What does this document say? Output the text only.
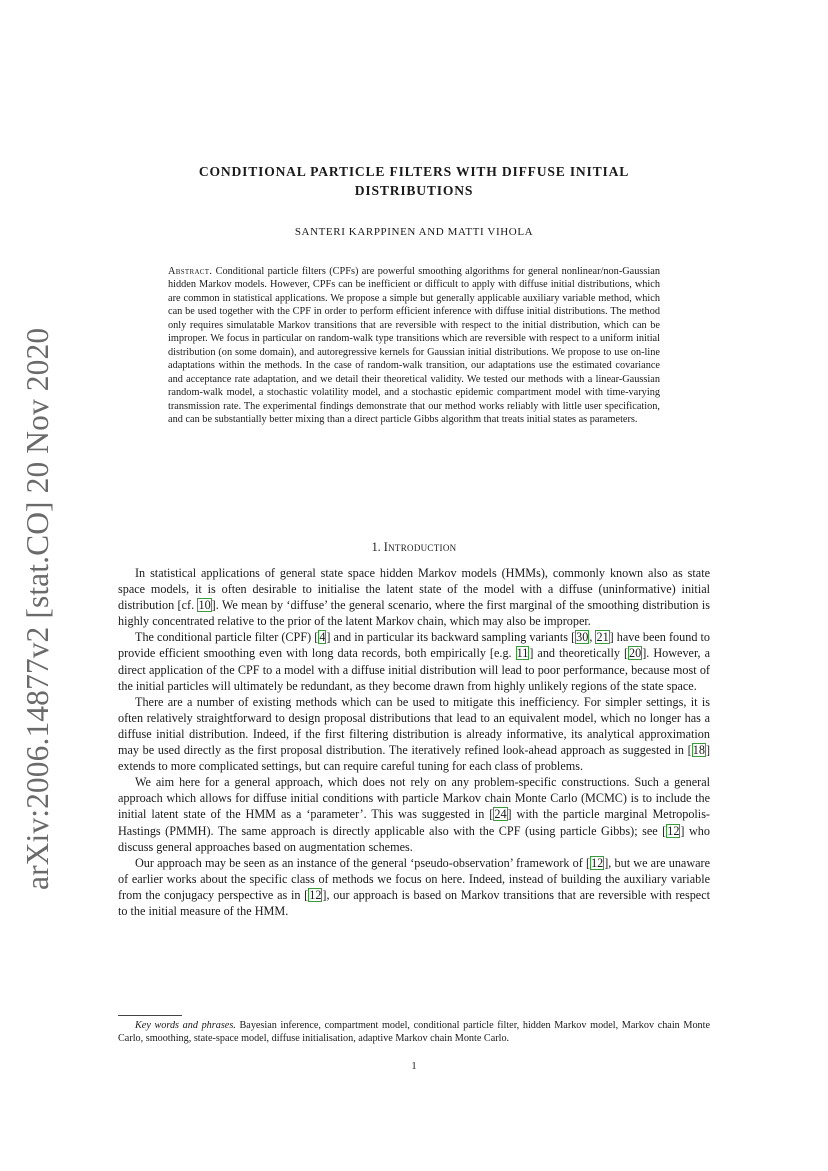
arXiv:2006.14877v2 [stat.CO] 20 Nov 2020
CONDITIONAL PARTICLE FILTERS WITH DIFFUSE INITIAL DISTRIBUTIONS
SANTERI KARPPINEN AND MATTI VIHOLA
Abstract. Conditional particle filters (CPFs) are powerful smoothing algorithms for general nonlinear/non-Gaussian hidden Markov models. However, CPFs can be inefficient or difficult to apply with diffuse initial distributions, which are common in statistical applications. We propose a simple but generally applicable auxiliary variable method, which can be used together with the CPF in order to perform efficient inference with diffuse initial distributions. The method only requires simulatable Markov transitions that are reversible with respect to the initial distribution, which can be improper. We focus in particular on random-walk type transitions which are reversible with respect to a uniform initial distribution (on some domain), and autoregressive kernels for Gaussian initial distributions. We propose to use on-line adaptations within the methods. In the case of random-walk transition, our adaptations use the estimated covariance and acceptance rate adaptation, and we detail their theoretical validity. We tested our methods with a linear-Gaussian random-walk model, a stochastic volatility model, and a stochastic epidemic compartment model with time-varying transmission rate. The experimental findings demonstrate that our method works reliably with little user specification, and can be substantially better mixing than a direct particle Gibbs algorithm that treats initial states as parameters.
1. Introduction

In statistical applications of general state space hidden Markov models (HMMs), commonly known also as state space models, it is often desirable to initialise the latent state of the model with a diffuse (uninformative) initial distribution [cf. 10]. We mean by ‘diffuse’ the general scenario, where the first marginal of the smoothing distribution is highly concentrated relative to the prior of the latent Markov chain, which may also be improper.

The conditional particle filter (CPF) [4] and in particular its backward sampling variants [30, 21] have been found to provide efficient smoothing even with long data records, both empirically [e.g. 11] and theoretically [20]. However, a direct application of the CPF to a model with a diffuse initial distribution will lead to poor performance, because most of the initial particles will ultimately be redundant, as they become drawn from highly unlikely regions of the state space.

There are a number of existing methods which can be used to mitigate this inefficiency. For simpler settings, it is often relatively straightforward to design proposal distributions that lead to an equivalent model, which no longer has a diffuse initial distribution. Indeed, if the first filtering distribution is already informative, its analytical approximation may be used directly as the first proposal distribution. The iteratively refined look-ahead approach as suggested in [18] extends to more complicated settings, but can require careful tuning for each class of problems.

We aim here for a general approach, which does not rely on any problem-specific constructions. Such a general approach which allows for diffuse initial conditions with particle Markov chain Monte Carlo (MCMC) is to include the initial latent state of the HMM as a ‘parameter’. This was suggested in [24] with the particle marginal Metropolis-Hastings (PMMH). The same approach is directly applicable also with the CPF (using particle Gibbs); see [12] who discuss general approaches based on augmentation schemes.

Our approach may be seen as an instance of the general ‘pseudo-observation’ framework of [12], but we are unaware of earlier works about the specific class of methods we focus on here. Indeed, instead of building the auxiliary variable from the conjugacy perspective as in [12], our approach is based on Markov transitions that are reversible with respect to the initial measure of the HMM.

Key words and phrases. Bayesian inference, compartment model, conditional particle filter, hidden Markov model, Markov chain Monte Carlo, smoothing, state-space model, diffuse initialisation, adaptive Markov chain Monte Carlo.
1
